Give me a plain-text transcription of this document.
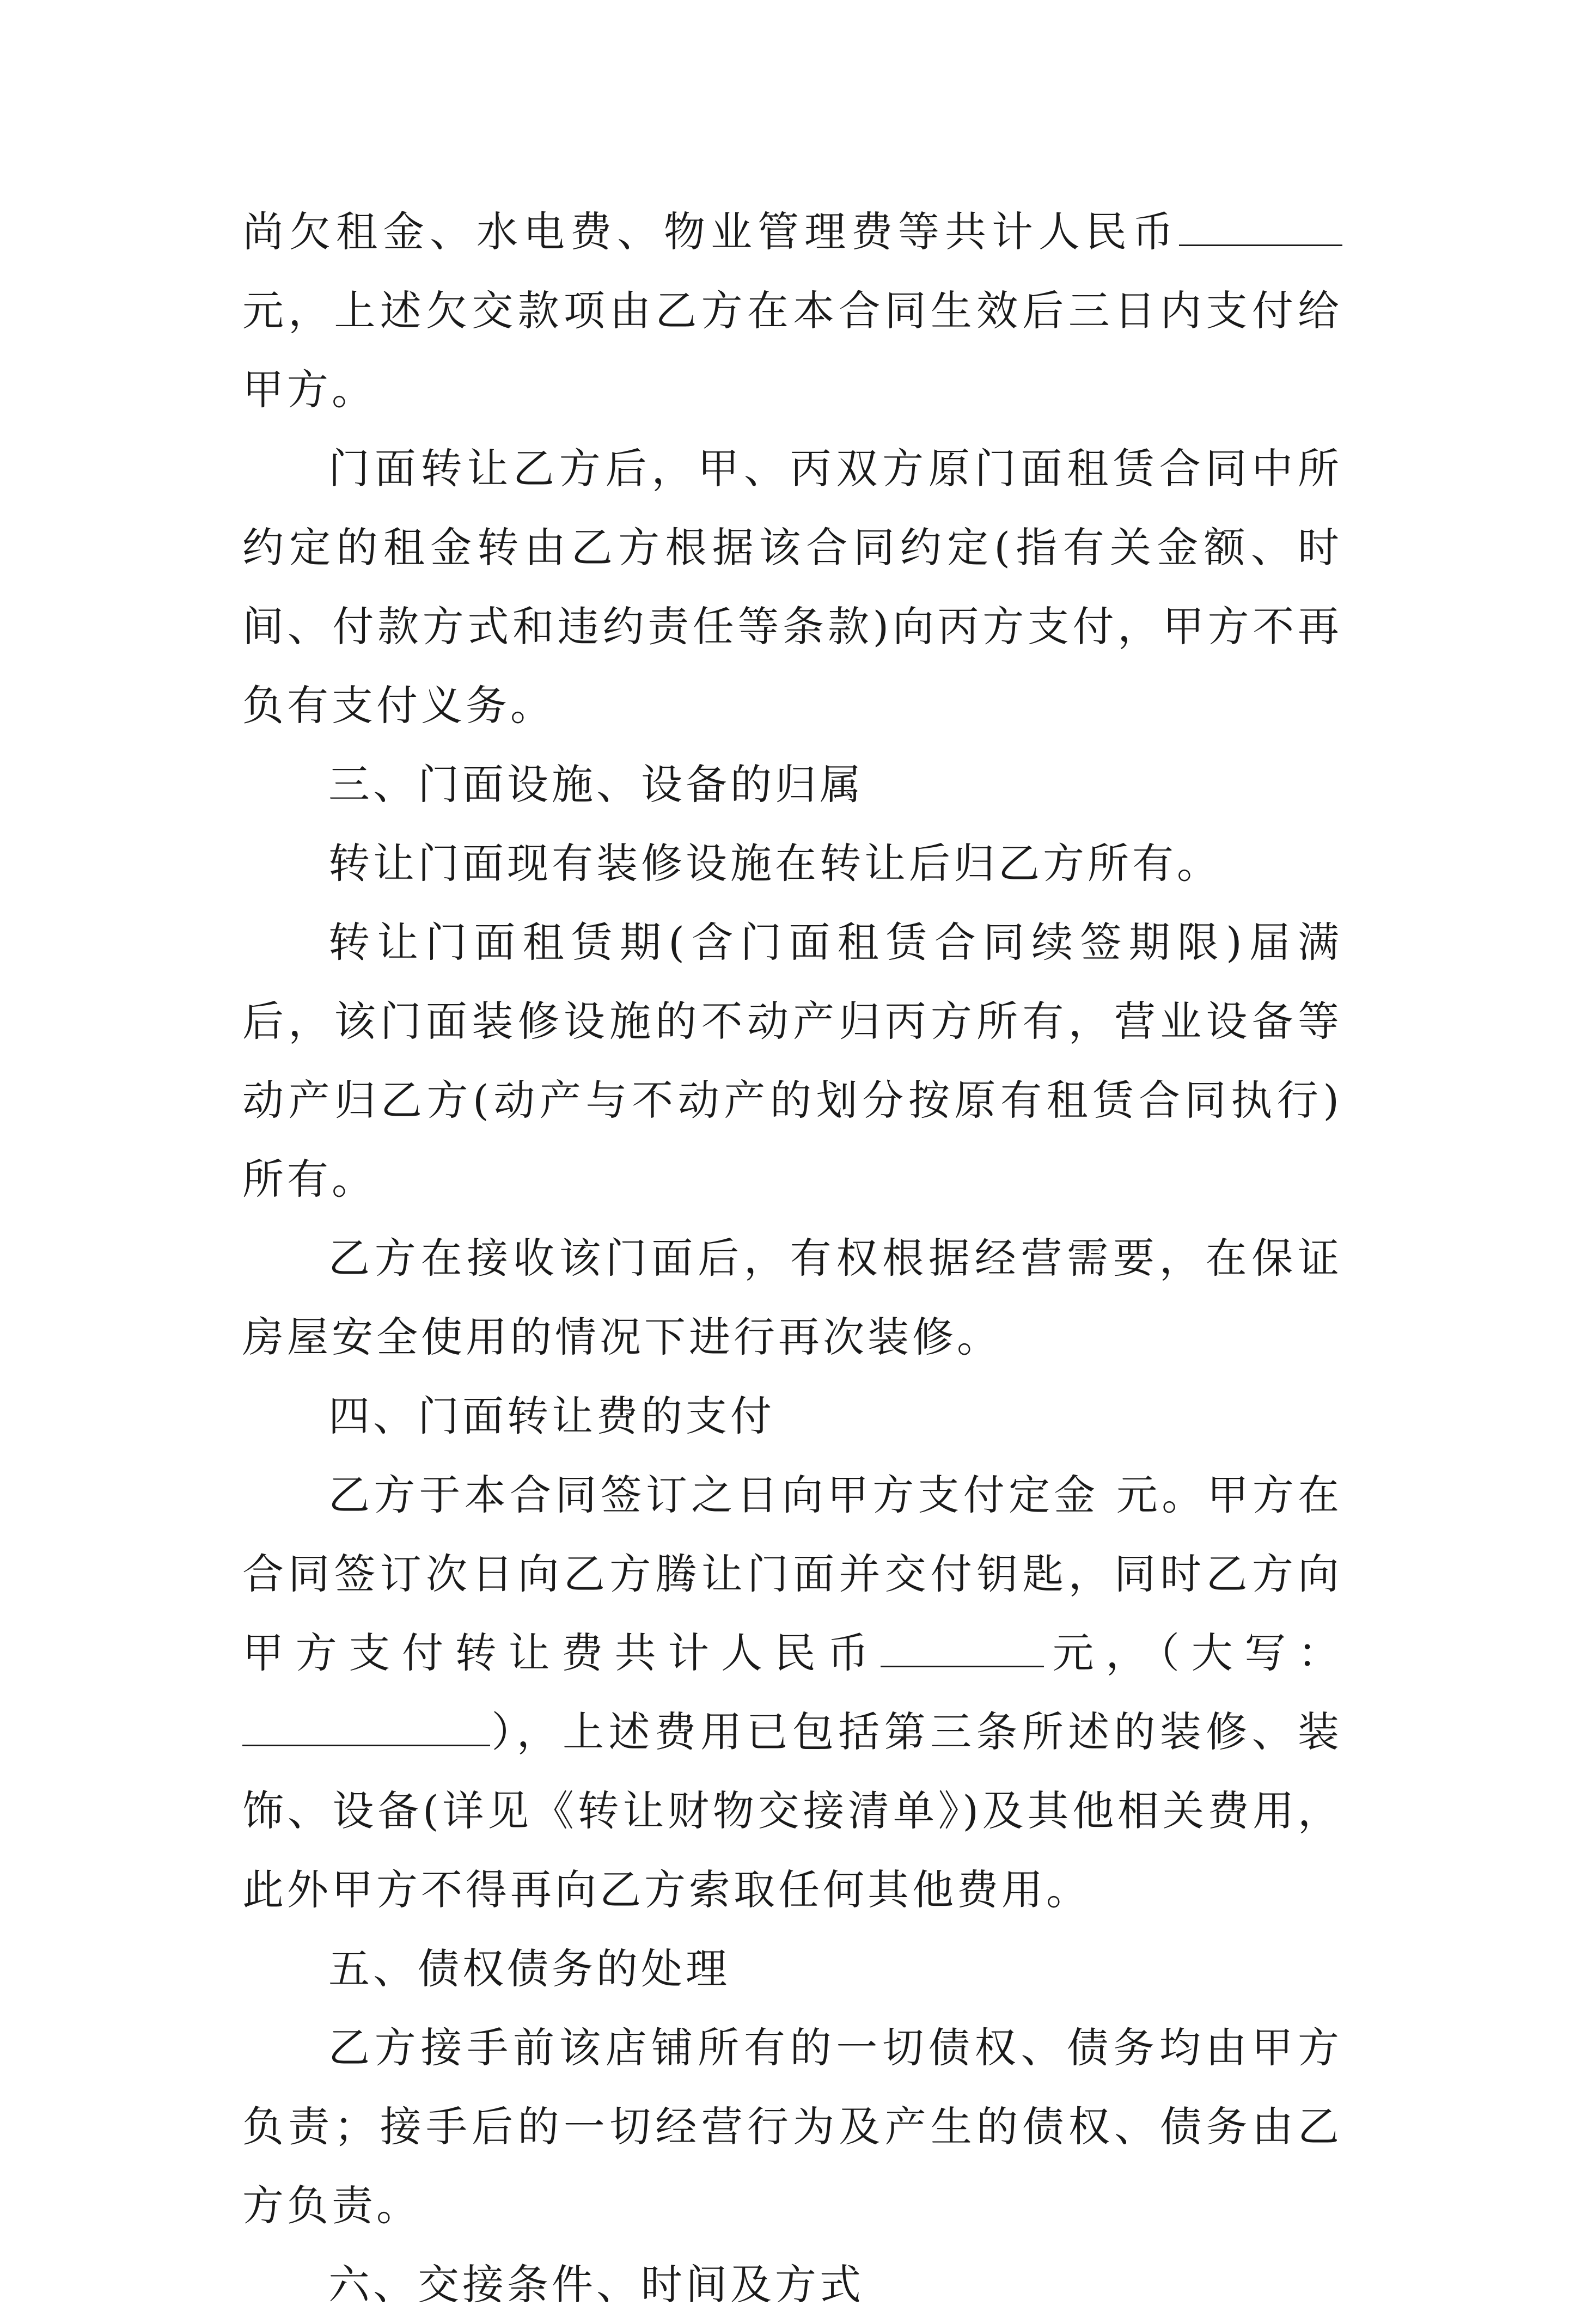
尚欠租金、水电费、物业管理费等共计人民币元，上述欠交款项由乙方在本合同生效后三日内支付给甲方。

门面转让乙方后，甲、丙双方原门面租赁合同中所约定的租金转由乙方根据该合同约定(指有关金额、时间、付款方式和违约责任等条款)向丙方支付，甲方不再负有支付义务。

三、门面设施、设备的归属

转让门面现有装修设施在转让后归乙方所有。

转让门面租赁期(含门面租赁合同续签期限)届满后，该门面装修设施的不动产归丙方所有，营业设备等动产归乙方(动产与不动产的划分按原有租赁合同执行)所有。

乙方在接收该门面后，有权根据经营需要，在保证房屋安全使用的情况下进行再次装修。

四、门面转让费的支付

乙方于本合同签订之日向甲方支付定金 元。甲方在合同签订次日向乙方腾让门面并交付钥匙，同时乙方向甲方支付转让费共计人民币	元，（大写：），上述费用已包括第三条所述的装修、装饰、设备(详见《转让财物交接清单》)及其他相关费用，此外甲方不得再向乙方索取任何其他费用。

五、债权债务的处理

乙方接手前该店铺所有的一切债权、债务均由甲方负责；接手后的一切经营行为及产生的债权、债务由乙方负责。

六、交接条件、时间及方式
